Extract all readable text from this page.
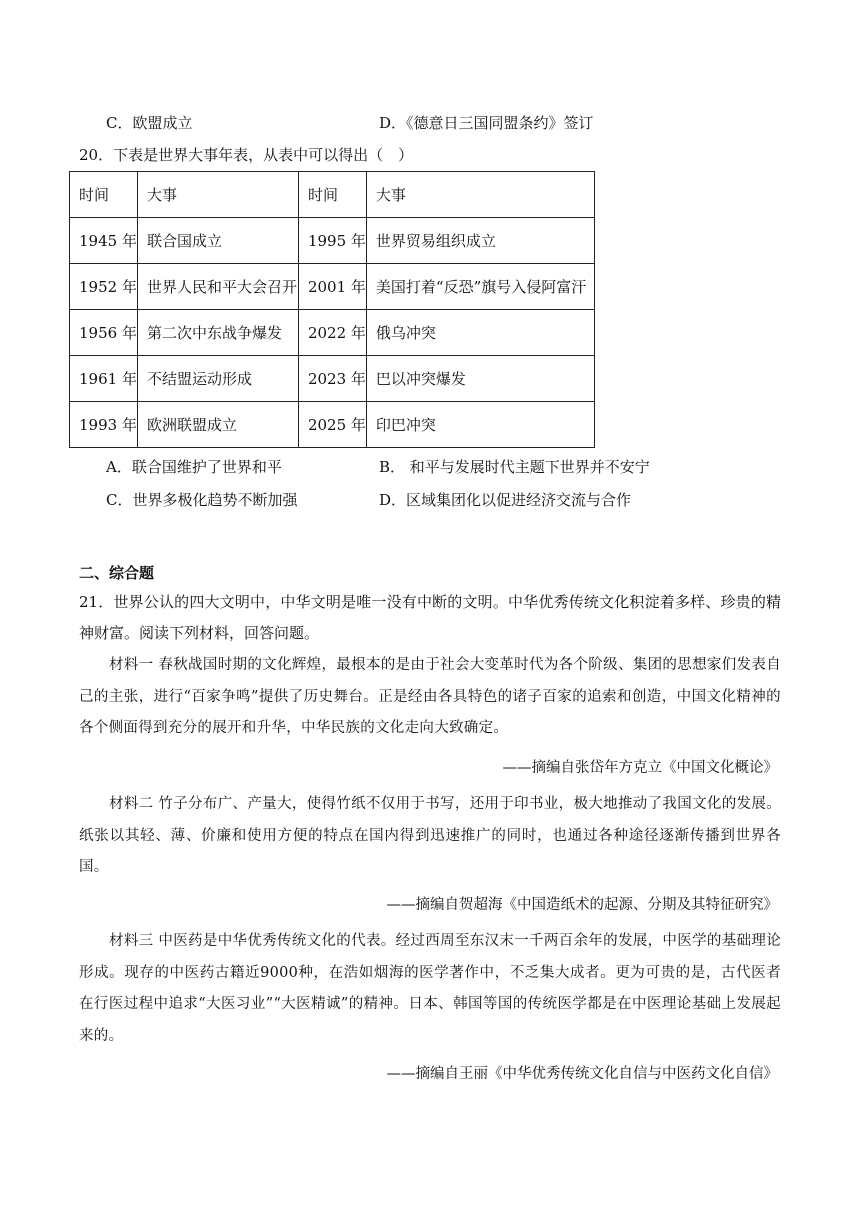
C．欧盟成立	D．《德意日三国同盟条约》签订
20．下表是世界大事年表，从表中可以得出（　）
时间	大事	时间	大事
1945 年	联合国成立	1995 年	世界贸易组织成立
1952 年	世界人民和平大会召开	2001 年	美国打着“反恐”旗号入侵阿富汗
1956 年	第二次中东战争爆发	2022 年	俄乌冲突
1961 年	不结盟运动形成	2023 年	巴以冲突爆发
1993 年	欧洲联盟成立	2025 年	印巴冲突
A．联合国维护了世界和平	B． 和平与发展时代主题下世界并不安宁
C．世界多极化趋势不断加强	D．区域集团化以促进经济交流与合作
二、综合题
21．世界公认的四大文明中，中华文明是唯一没有中断的文明。中华优秀传统文化积淀着多样、珍贵的精神财富。阅读下列材料，回答问题。
材料一 春秋战国时期的文化辉煌，最根本的是由于社会大变革时代为各个阶级、集团的思想家们发表自己的主张，进行“百家争鸣”提供了历史舞台。正是经由各具特色的诸子百家的追索和创造，中国文化精神的各个侧面得到充分的展开和升华，中华民族的文化走向大致确定。
——摘编自张岱年方克立《中国文化概论》
材料二 竹子分布广、产量大，使得竹纸不仅用于书写，还用于印书业，极大地推动了我国文化的发展。纸张以其轻、薄、价廉和使用方便的特点在国内得到迅速推广的同时，也通过各种途径逐渐传播到世界各国。
——摘编自贺超海《中国造纸术的起源、分期及其特征研究》
材料三 中医药是中华优秀传统文化的代表。经过西周至东汉末一千两百余年的发展，中医学的基础理论形成。现存的中医药古籍近9000种，在浩如烟海的医学著作中，不乏集大成者。更为可贵的是，古代医者在行医过程中追求“大医习业”“大医精诚”的精神。日本、韩国等国的传统医学都是在中医理论基础上发展起来的。
——摘编自王丽《中华优秀传统文化自信与中医药文化自信》
